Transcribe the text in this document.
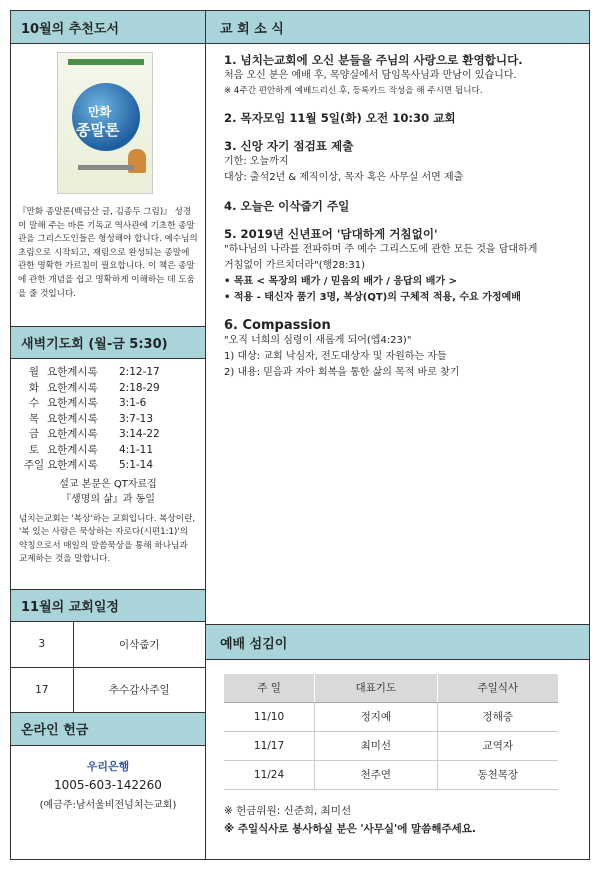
10월의 추천도서
만화
종말론
『만화 종말론(백금산 글, 김종두 그림)』 성경이 말해 주는 바른 기독교 역사관에 기초한 종말관을 그리스도인들은 형성해야 합니다. 예수님의 초림으로 시작되고, 재림으로 완성되는 종말에 관한 명확한 가르침이 필요합니다. 이 책은 종말에 관한 개념을 쉽고 명확하게 이해하는 데 도움을 줄 것입니다.
새벽기도회 (월-금 5:30)
월 요한계시록	2:12-17
화 요한계시록	2:18-29
수 요한계시록	3:1-6
목 요한계시록	3:7-13
금 요한계시록	3:14-22
토 요한계시록	4:1-11
주일 요한계시록	5:1-14
설교 본문은 QT자료집
『생명의 삶』과 동일
넘치는교회는 '복상'하는 교회입니다. 복상이란, '복 있는 사람은 묵상하는 자로다(시편1:1)'의 약칭으로서 매일의 말씀묵상을 통해 하나님과 교제하는 것을 말합니다.
11월의 교회일정
3	이삭줍기
17	추수감사주일
온라인 헌금
우리은행
1005-603-142260
(예금주:남서울비전넘치는교회)
교 회 소 식
1. 넘치는교회에 오신 분들을 주님의 사랑으로 환영합니다.
처음 오신 분은 예배 후, 목양실에서 담임목사님과 만남이 있습니다.
※ 4주간 편안하게 예배드리신 후, 등록카드 작성을 해 주시면 됩니다.
2. 목자모임 11월 5일(화) 오전 10:30 교회
3. 신앙 자기 점검표 제출
기한: 오늘까지
대상: 출석2년 & 제직이상, 목자 혹은 사무실 서면 제출
4. 오늘은 이삭줍기 주일
5. 2019년 신년표어 '담대하게 거침없이'
"하나님의 나라를 전파하며 주 예수 그리스도에 관한 모든 것을 담대하게
거침없이 가르치더라"(행28:31)
• 목표 < 목장의 배가 / 믿음의 배가 / 응답의 배가 >
• 적용 - 태신자 품기 3명, 복상(QT)의 구체적 적용, 수요 가정예배
6. Compassion
"오직 너희의 심령이 새롭게 되어(엡4:23)"
1) 대상: 교회 낙심자, 전도대상자 및 자원하는 자들
2) 내용: 믿음과 자아 회복을 통한 삶의 목적 바로 찾기
예배 섬김이
주 일	대표기도	주일식사
11/10	정지예	정해중
11/17	최미선	교역자
11/24	천주연	동천목장
※ 헌금위원: 신준희, 최미선
※ 주일식사로 봉사하실 분은 '사무실'에 말씀해주세요.
